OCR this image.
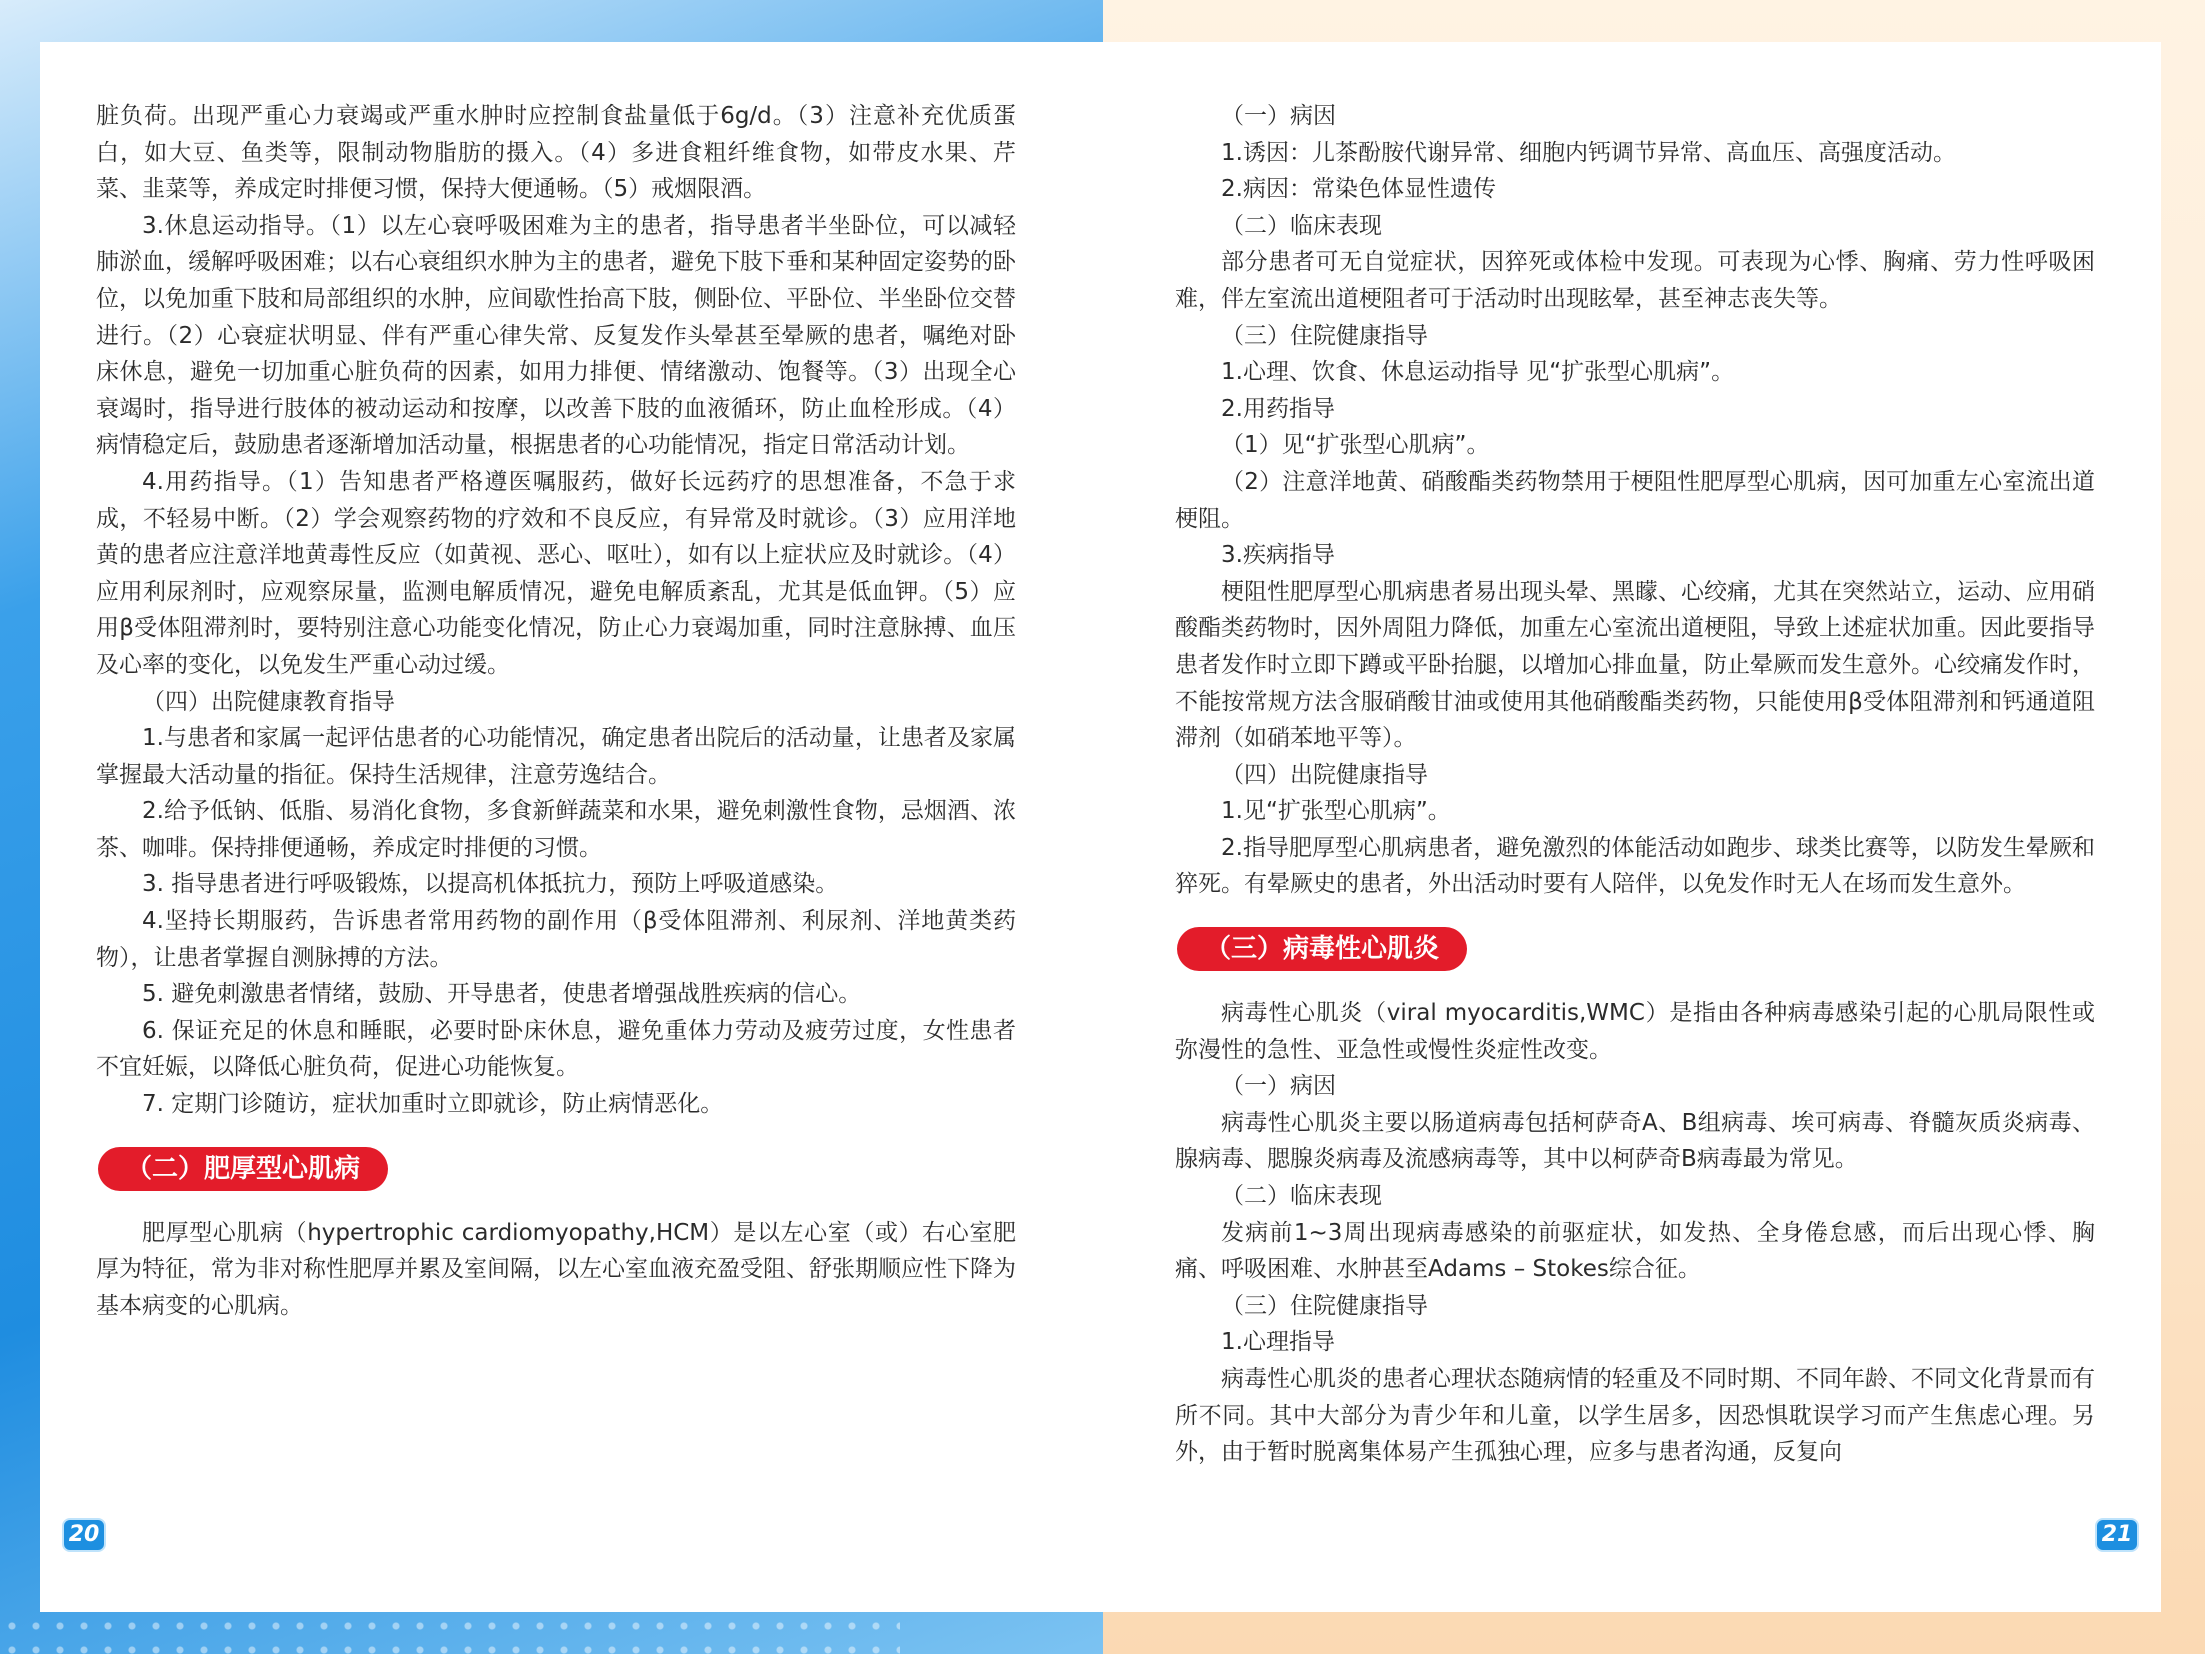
脏负荷。出现严重心力衰竭或严重水肿时应控制食盐量低于6g/d。（3）注意补充优质蛋白，如大豆、鱼类等，限制动物脂肪的摄入。（4）多进食粗纤维食物，如带皮水果、芹菜、韭菜等，养成定时排便习惯，保持大便通畅。（5）戒烟限酒。

3.休息运动指导。（1）以左心衰呼吸困难为主的患者，指导患者半坐卧位，可以减轻肺淤血，缓解呼吸困难；以右心衰组织水肿为主的患者，避免下肢下垂和某种固定姿势的卧位，以免加重下肢和局部组织的水肿，应间歇性抬高下肢，侧卧位、平卧位、半坐卧位交替进行。（2）心衰症状明显、伴有严重心律失常、反复发作头晕甚至晕厥的患者，嘱绝对卧床休息，避免一切加重心脏负荷的因素，如用力排便、情绪激动、饱餐等。（3）出现全心衰竭时，指导进行肢体的被动运动和按摩，以改善下肢的血液循环，防止血栓形成。（4）病情稳定后，鼓励患者逐渐增加活动量，根据患者的心功能情况，指定日常活动计划。

4.用药指导。（1）告知患者严格遵医嘱服药，做好长远药疗的思想准备，不急于求成，不轻易中断。（2）学会观察药物的疗效和不良反应，有异常及时就诊。（3）应用洋地黄的患者应注意洋地黄毒性反应（如黄视、恶心、呕吐），如有以上症状应及时就诊。（4）应用利尿剂时，应观察尿量，监测电解质情况，避免电解质紊乱，尤其是低血钾。（5）应用β受体阻滞剂时，要特别注意心功能变化情况，防止心力衰竭加重，同时注意脉搏、血压及心率的变化，以免发生严重心动过缓。

（四）出院健康教育指导

1.与患者和家属一起评估患者的心功能情况，确定患者出院后的活动量，让患者及家属掌握最大活动量的指征。保持生活规律，注意劳逸结合。

2.给予低钠、低脂、易消化食物，多食新鲜蔬菜和水果，避免刺激性食物，忌烟酒、浓茶、咖啡。保持排便通畅，养成定时排便的习惯。

3. 指导患者进行呼吸锻炼，以提高机体抵抗力，预防上呼吸道感染。

4.坚持长期服药，告诉患者常用药物的副作用（β受体阻滞剂、利尿剂、洋地黄类药物），让患者掌握自测脉搏的方法。

5. 避免刺激患者情绪，鼓励、开导患者，使患者增强战胜疾病的信心。

6. 保证充足的休息和睡眠，必要时卧床休息，避免重体力劳动及疲劳过度，女性患者不宜妊娠，以降低心脏负荷，促进心功能恢复。

7. 定期门诊随访，症状加重时立即就诊，防止病情恶化。

（二）肥厚型心肌病

肥厚型心肌病（hypertrophic cardiomyopathy,HCM）是以左心室（或）右心室肥厚为特征，常为非对称性肥厚并累及室间隔，以左心室血液充盈受阻、舒张期顺应性下降为基本病变的心肌病。

20

（一）病因

1.诱因：儿茶酚胺代谢异常、细胞内钙调节异常、高血压、高强度活动。

2.病因：常染色体显性遗传

（二）临床表现

部分患者可无自觉症状，因猝死或体检中发现。可表现为心悸、胸痛、劳力性呼吸困难，伴左室流出道梗阻者可于活动时出现眩晕，甚至神志丧失等。

（三）住院健康指导

1.心理、饮食、休息运动指导 见“扩张型心肌病”。

2.用药指导

（1）见“扩张型心肌病”。

（2）注意洋地黄、硝酸酯类药物禁用于梗阻性肥厚型心肌病，因可加重左心室流出道梗阻。

3.疾病指导

梗阻性肥厚型心肌病患者易出现头晕、黑矇、心绞痛，尤其在突然站立，运动、应用硝酸酯类药物时，因外周阻力降低，加重左心室流出道梗阻，导致上述症状加重。因此要指导患者发作时立即下蹲或平卧抬腿，以增加心排血量，防止晕厥而发生意外。心绞痛发作时，不能按常规方法含服硝酸甘油或使用其他硝酸酯类药物，只能使用β受体阻滞剂和钙通道阻滞剂（如硝苯地平等）。

（四）出院健康指导

1.见“扩张型心肌病”。

2.指导肥厚型心肌病患者，避免激烈的体能活动如跑步、球类比赛等，以防发生晕厥和猝死。有晕厥史的患者，外出活动时要有人陪伴，以免发作时无人在场而发生意外。

（三）病毒性心肌炎

病毒性心肌炎（viral myocarditis,WMC）是指由各种病毒感染引起的心肌局限性或弥漫性的急性、亚急性或慢性炎症性改变。

（一）病因

病毒性心肌炎主要以肠道病毒包括柯萨奇A、B组病毒、埃可病毒、脊髓灰质炎病毒、腺病毒、腮腺炎病毒及流感病毒等，其中以柯萨奇B病毒最为常见。

（二）临床表现

发病前1~3周出现病毒感染的前驱症状，如发热、全身倦怠感，而后出现心悸、胸痛、呼吸困难、水肿甚至Adams – Stokes综合征。

（三）住院健康指导

1.心理指导

病毒性心肌炎的患者心理状态随病情的轻重及不同时期、不同年龄、不同文化背景而有所不同。其中大部分为青少年和儿童，以学生居多，因恐惧耽误学习而产生焦虑心理。另外，由于暂时脱离集体易产生孤独心理，应多与患者沟通，反复向

21
